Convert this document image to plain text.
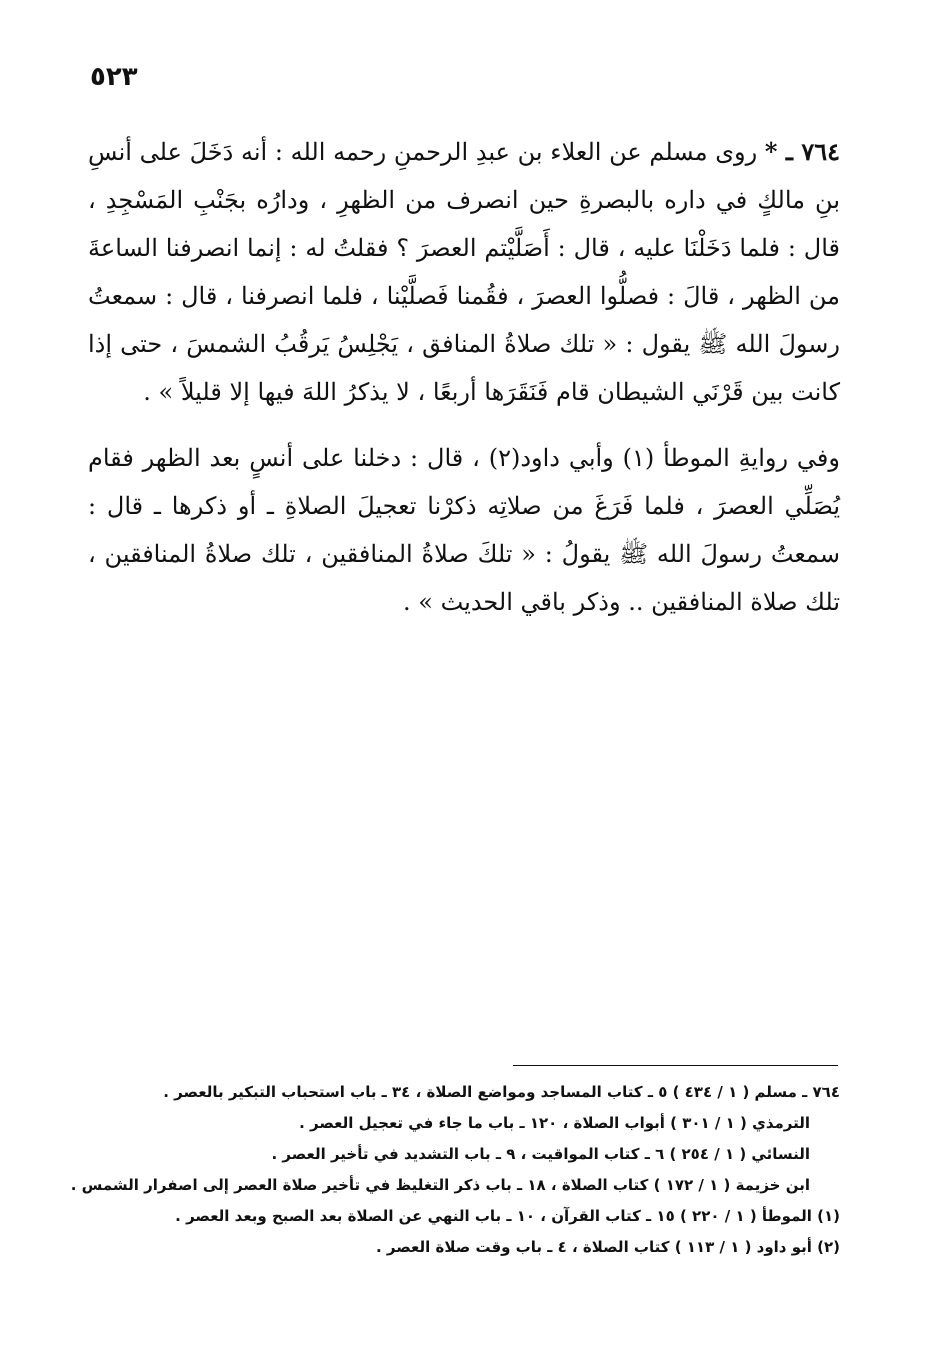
٥٢٣

٧٦٤ ـ * روى مسلم عن العلاء بن عبدِ الرحمنِ رحمه الله : أنه دَخَلَ على أنسِ بنِ مالكٍ في داره بالبصرةِ حين انصرف من الظهرِ ، ودارُه بجَنْبِ المَسْجِدِ ، قال : فلما دَخَلْنَا عليه ، قال : أَصَلَّيْتم العصرَ ؟ فقلتُ له : إنما انصرفنا الساعةَ من الظهر ، قالَ : فصلُّوا العصرَ ، فقُمنا فَصلَّيْنا ، فلما انصرفنا ، قال : سمعتُ رسولَ الله ﷺ يقول : « تلك صلاةُ المنافق ، يَجْلِسُ يَرقُبُ الشمسَ ، حتى إذا كانت بين قَرْنَي الشيطان قام فَنَقَرَها أربعًا ، لا يذكرُ اللهَ فيها إلا قليلاً » .

وفي روايةِ الموطأ (١) وأبي داود(٢) ، قال : دخلنا على أنسٍ بعد الظهر فقام يُصَلِّي العصرَ ، فلما فَرَغَ من صلاتِه ذكرْنا تعجيلَ الصلاةِ ـ أو ذكرها ـ قال : سمعتُ رسولَ الله ﷺ يقولُ : « تلكَ صلاةُ المنافقين ، تلك صلاةُ المنافقين ، تلك صلاة المنافقين .. وذكر باقي الحديث » .

٧٦٤ ـ مسلم ( ١ / ٤٣٤ ) ٥ ـ كتاب المساجد ومواضع الصلاة ، ٣٤ ـ باب استحباب التبكير بالعصر .
الترمذي ( ١ / ٣٠١ ) أبواب الصلاة ، ١٢٠ ـ باب ما جاء في تعجيل العصر .
النسائي ( ١ / ٢٥٤ ) ٦ ـ كتاب المواقيت ، ٩ ـ باب التشديد في تأخير العصر .
ابن خزيمة ( ١ / ١٧٢ ) كتاب الصلاة ، ١٨ ـ باب ذكر التغليظ في تأخير صلاة العصر إلى اصفرار الشمس .
(١) الموطأ ( ١ / ٢٢٠ ) ١٥ ـ كتاب القرآن ، ١٠ ـ باب النهي عن الصلاة بعد الصبح وبعد العصر .
(٢) أبو داود ( ١ / ١١٣ ) كتاب الصلاة ، ٤ ـ باب وقت صلاة العصر .
